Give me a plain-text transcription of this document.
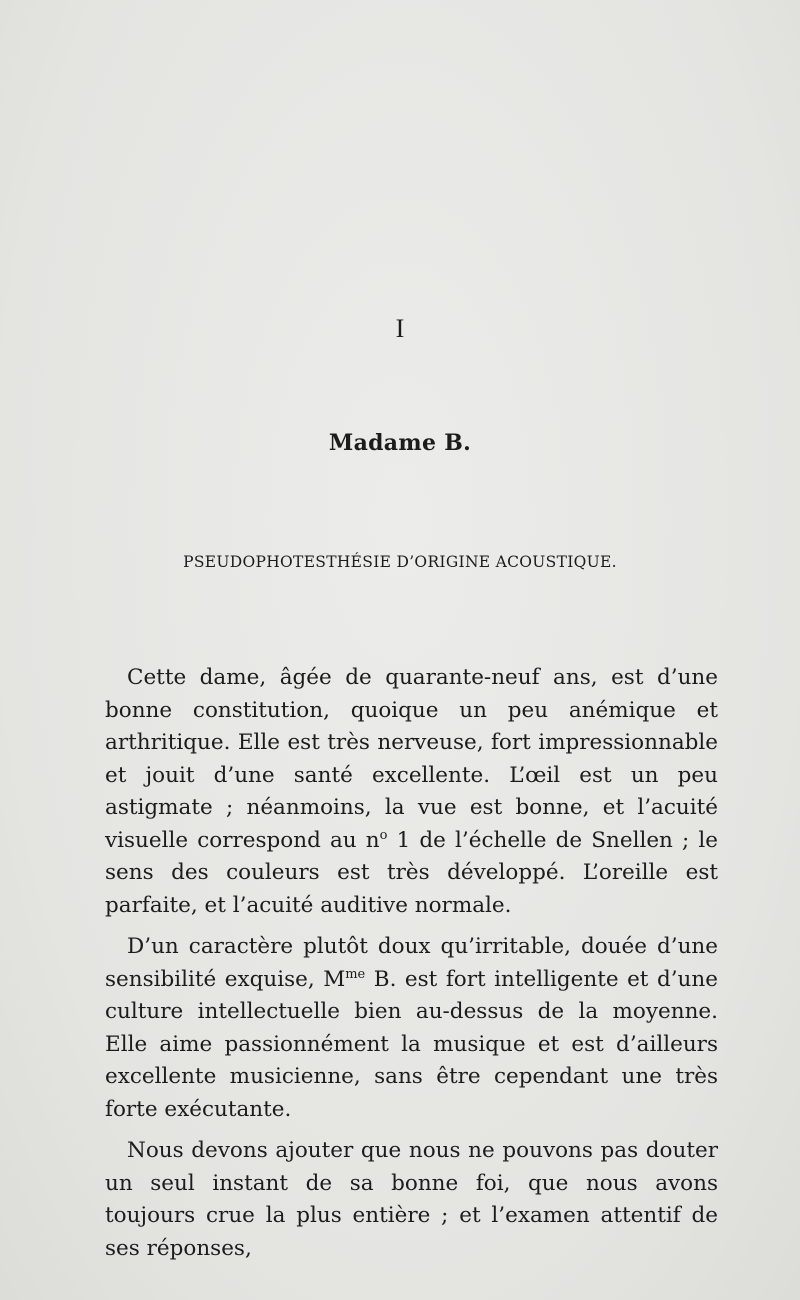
I
Madame B.
PSEUDOPHOTESTHÉSIE D’ORIGINE ACOUSTIQUE.

Cette dame, âgée de quarante-neuf ans, est d’une bonne constitution, quoique un peu anémique et arthritique. Elle est très nerveuse, fort impressionnable et jouit d’une santé excellente. L’œil est un peu astigmate ; néanmoins, la vue est bonne, et l’acuité visuelle correspond au $n^o$ 1 de l’échelle de Snellen ; le sens des couleurs est très développé. L’oreille est parfaite, et l’acuité auditive normale.

D’un caractère plutôt doux qu’irritable, douée d’une sensibilité exquise, $M^{me}$ B. est fort intelligente et d’une culture intellectuelle bien au-dessus de la moyenne. Elle aime passionnément la musique et est d’ailleurs excellente musicienne, sans être cependant une très forte exécutante.

Nous devons ajouter que nous ne pouvons pas douter un seul instant de sa bonne foi, que nous avons toujours crue la plus entière ; et l’examen attentif de ses réponses,
